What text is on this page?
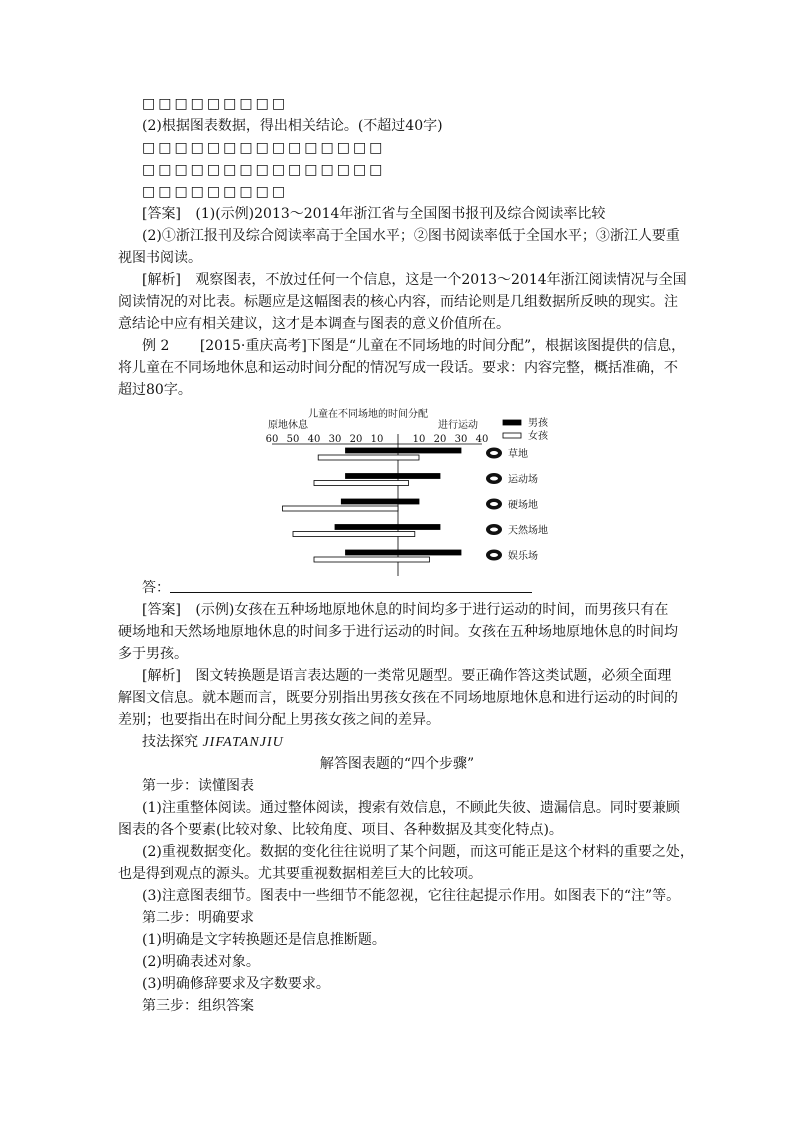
□□□□□□□□□
(2)根据图表数据，得出相关结论。(不超过40字)
□□□□□□□□□□□□□□□
□□□□□□□□□□□□□□□
□□□□□□□□□
[答案] (1)(示例)2013～2014年浙江省与全国图书报刊及综合阅读率比较
(2)①浙江报刊及综合阅读率高于全国水平；②图书阅读率低于全国水平；③浙江人要重
视图书阅读。
[解析] 观察图表，不放过任何一个信息，这是一个2013～2014年浙江阅读情况与全国
阅读情况的对比表。标题应是这幅图表的核心内容，而结论则是几组数据所反映的现实。注
意结论中应有相关建议，这才是本调查与图表的意义价值所在。
例 2 [2015·重庆高考]下图是“儿童在不同场地的时间分配”，根据该图提供的信息，
将儿童在不同场地休息和运动时间分配的情况写成一段话。要求：内容完整，概括准确，不
超过80字。
儿童在不同场地的时间分配
原地休息	进行运动	男孩
女孩
60 50 40 30 20 10	10 20 30 40
草地
运动场
硬场地
天然场地
娱乐场
答：
[答案] (示例)女孩在五种场地原地休息的时间均多于进行运动的时间，而男孩只有在
硬场地和天然场地原地休息的时间多于进行运动的时间。女孩在五种场地原地休息的时间均
多于男孩。
[解析] 图文转换题是语言表达题的一类常见题型。要正确作答这类试题，必须全面理
解图文信息。就本题而言，既要分别指出男孩女孩在不同场地原地休息和进行运动的时间的
差别；也要指出在时间分配上男孩女孩之间的差异。
技法探究 JIFATANJIU
解答图表题的“四个步骤”
第一步：读懂图表
(1)注重整体阅读。通过整体阅读，搜索有效信息，不顾此失彼、遗漏信息。同时要兼顾
图表的各个要素(比较对象、比较角度、项目、各种数据及其变化特点)。
(2)重视数据变化。数据的变化往往说明了某个问题，而这可能正是这个材料的重要之处，
也是得到观点的源头。尤其要重视数据相差巨大的比较项。
(3)注意图表细节。图表中一些细节不能忽视，它往往起提示作用。如图表下的“注”等。
第二步：明确要求
(1)明确是文字转换题还是信息推断题。
(2)明确表述对象。
(3)明确修辞要求及字数要求。
第三步：组织答案
